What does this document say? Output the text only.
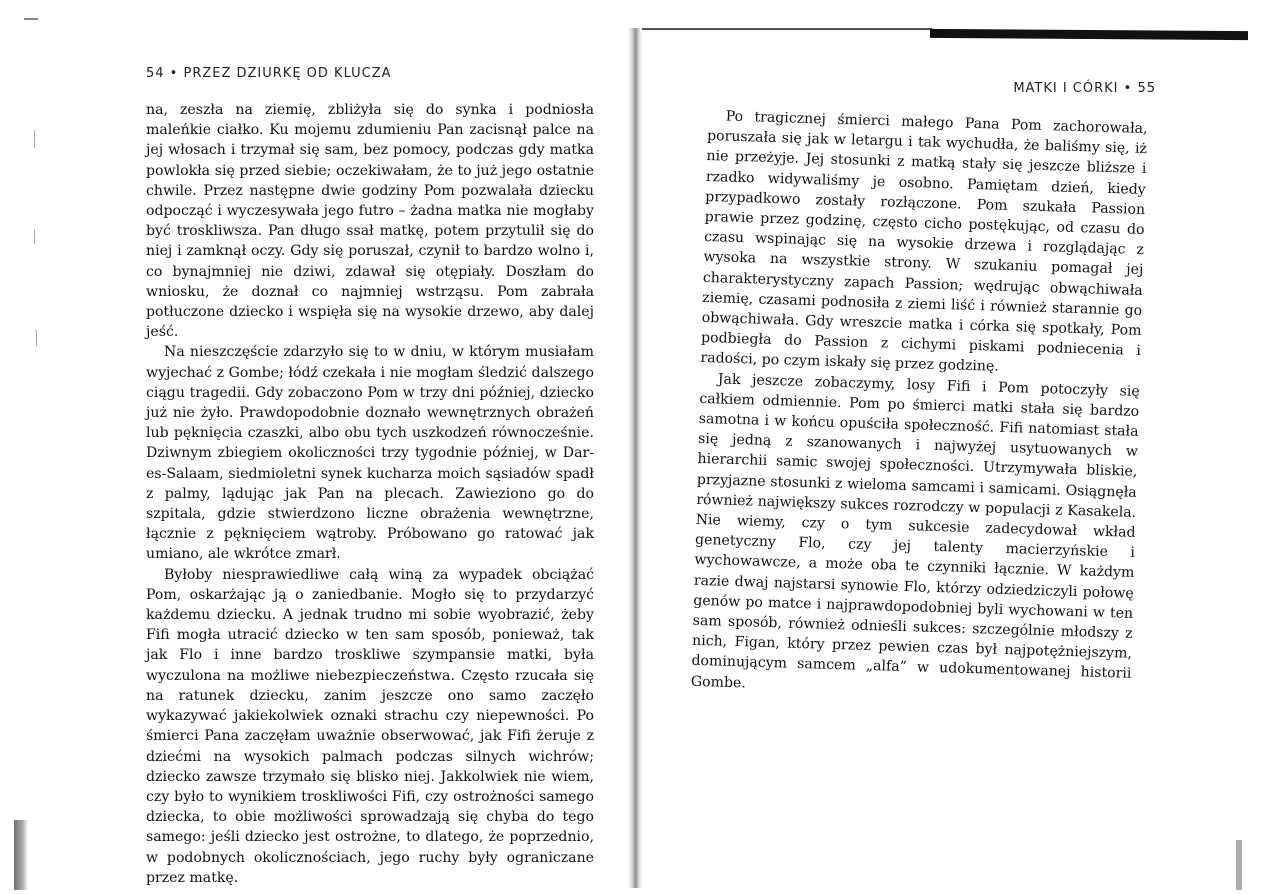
54 • PRZEZ DZIURKĘ OD KLUCZA

na, zeszła na ziemię, zbliżyła się do synka i podniosła maleńkie ciałko. Ku mojemu zdumieniu Pan zacisnął palce na jej włosach i trzymał się sam, bez pomocy, podczas gdy matka powlokła się przed siebie; oczekiwałam, że to już jego ostatnie chwile. Przez następne dwie godziny Pom pozwalała dziecku odpocząć i wyczesywała jego futro – żadna matka nie mogłaby być troskliwsza. Pan długo ssał matkę, potem przytulił się do niej i zamknął oczy. Gdy się poruszał, czynił to bardzo wolno i, co bynajmniej nie dziwi, zdawał się otępiały. Doszłam do wniosku, że doznał co najmniej wstrząsu. Pom zabrała potłuczone dziecko i wspięła się na wysokie drzewo, aby dalej jeść.

Na nieszczęście zdarzyło się to w dniu, w którym musiałam wyjechać z Gombe; łódź czekała i nie mogłam śledzić dalszego ciągu tragedii. Gdy zobaczono Pom w trzy dni później, dziecko już nie żyło. Prawdopodobnie doznało wewnętrznych obrażeń lub pęknięcia czaszki, albo obu tych uszkodzeń równocześnie. Dziwnym zbiegiem okoliczności trzy tygodnie później, w Dar-es-Salaam, siedmioletni synek kucharza moich sąsiadów spadł z palmy, lądując jak Pan na plecach. Zawieziono go do szpitala, gdzie stwierdzono liczne obrażenia wewnętrzne, łącznie z pęknięciem wątroby. Próbowano go ratować jak umiano, ale wkrótce zmarł.

Byłoby niesprawiedliwe całą winą za wypadek obciążać Pom, oskarżając ją o zaniedbanie. Mogło się to przydarzyć każdemu dziecku. A jednak trudno mi sobie wyobrazić, żeby Fifi mogła utracić dziecko w ten sam sposób, ponieważ, tak jak Flo i inne bardzo troskliwe szympansie matki, była wyczulona na możliwe niebezpieczeństwa. Często rzucała się na ratunek dziecku, zanim jeszcze ono samo zaczęło wykazywać jakiekolwiek oznaki strachu czy niepewności. Po śmierci Pana zaczęłam uważnie obserwować, jak Fifi żeruje z dziećmi na wysokich palmach podczas silnych wichrów; dziecko zawsze trzymało się blisko niej. Jakkolwiek nie wiem, czy było to wynikiem troskliwości Fifi, czy ostrożności samego dziecka, to obie możliwości sprowadzają się chyba do tego samego: jeśli dziecko jest ostrożne, to dlatego, że poprzednio, w podobnych okolicznościach, jego ruchy były ograniczane przez matkę.

MATKI I CÓRKI • 55

Po tragicznej śmierci małego Pana Pom zachorowała, poruszała się jak w letargu i tak wychudła, że baliśmy się, iż nie przeżyje. Jej stosunki z matką stały się jeszcze bliższe i rzadko widywaliśmy je osobno. Pamiętam dzień, kiedy przypadkowo zostały rozłączone. Pom szukała Passion prawie przez godzinę, często cicho postękując, od czasu do czasu wspinając się na wysokie drzewa i rozglądając z wysoka na wszystkie strony. W szukaniu pomagał jej charakterystyczny zapach Passion; wędrując obwąchiwała ziemię, czasami podnosiła z ziemi liść i również starannie go obwąchiwała. Gdy wreszcie matka i córka się spotkały, Pom podbiegła do Passion z cichymi piskami podniecenia i radości, po czym iskały się przez godzinę.

Jak jeszcze zobaczymy, losy Fifi i Pom potoczyły się całkiem odmiennie. Pom po śmierci matki stała się bardzo samotna i w końcu opuściła społeczność. Fifi natomiast stała się jedną z szanowanych i najwyżej usytuowanych w hierarchii samic swojej społeczności. Utrzymywała bliskie, przyjazne stosunki z wieloma samcami i samicami. Osiągnęła również największy sukces rozrodczy w populacji z Kasakela. Nie wiemy, czy o tym sukcesie zadecydował wkład genetyczny Flo, czy jej talenty macierzyńskie i wychowawcze, a może oba te czynniki łącznie. W każdym razie dwaj najstarsi synowie Flo, którzy odziedziczyli połowę genów po matce i najprawdopodobniej byli wychowani w ten sam sposób, również odnieśli sukces: szczególnie młodszy z nich, Figan, który przez pewien czas był najpotężniejszym, dominującym samcem „alfa” w udokumentowanej historii Gombe.
